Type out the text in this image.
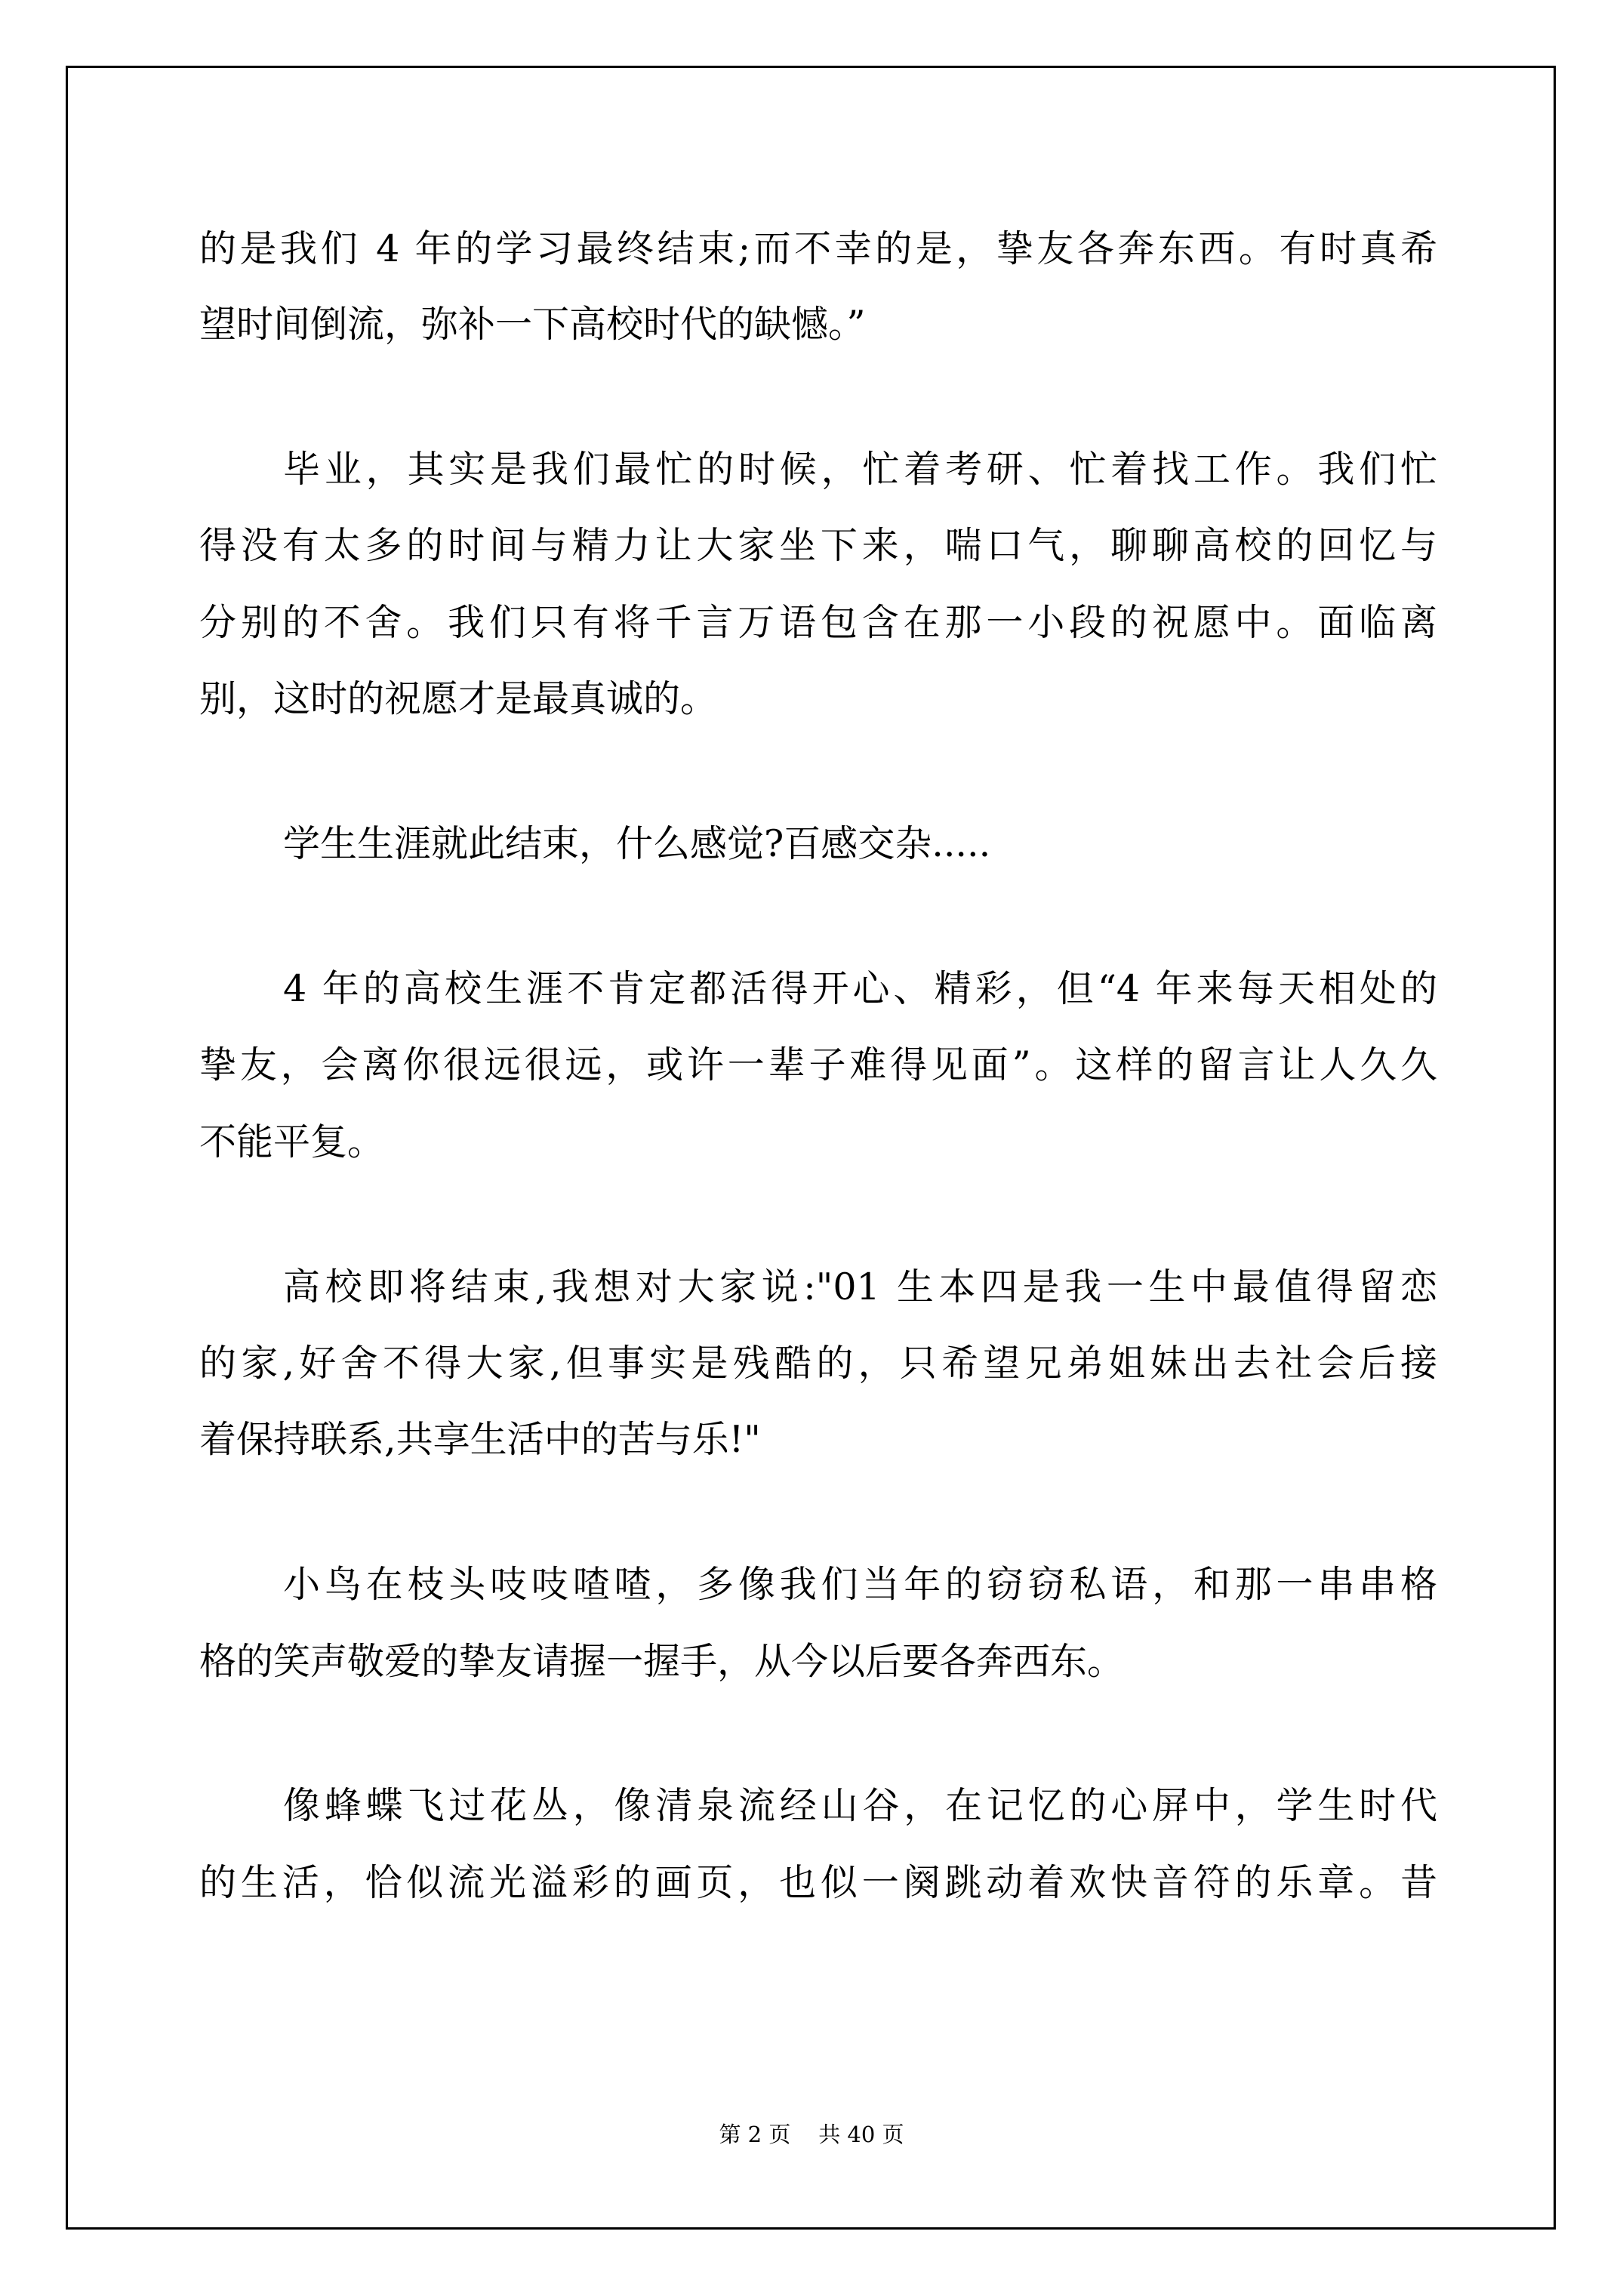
的是我们 4 年的学习最终结束;而不幸的是，挚友各奔东西。有时真希
望时间倒流，弥补一下高校时代的缺憾。”
毕业，其实是我们最忙的时候，忙着考研、忙着找工作。我们忙
得没有太多的时间与精力让大家坐下来，喘口气，聊聊高校的回忆与
分别的不舍。我们只有将千言万语包含在那一小段的祝愿中。面临离
别，这时的祝愿才是最真诚的。
学生生涯就此结束，什么感觉?百感交杂.....
4 年的高校生涯不肯定都活得开心、精彩，但“4 年来每天相处的
挚友，会离你很远很远，或许一辈子难得见面”。这样的留言让人久久
不能平复。
高校即将结束,我想对大家说:"01 生本四是我一生中最值得留恋
的家,好舍不得大家,但事实是残酷的，只希望兄弟姐妹出去社会后接
着保持联系,共享生活中的苦与乐!"
小鸟在枝头吱吱喳喳，多像我们当年的窃窃私语，和那一串串格
格的笑声敬爱的挚友请握一握手，从今以后要各奔西东。
像蜂蝶飞过花丛，像清泉流经山谷，在记忆的心屏中，学生时代
的生活，恰似流光溢彩的画页，也似一阕跳动着欢快音符的乐章。昔
第 2 页    共 40 页
